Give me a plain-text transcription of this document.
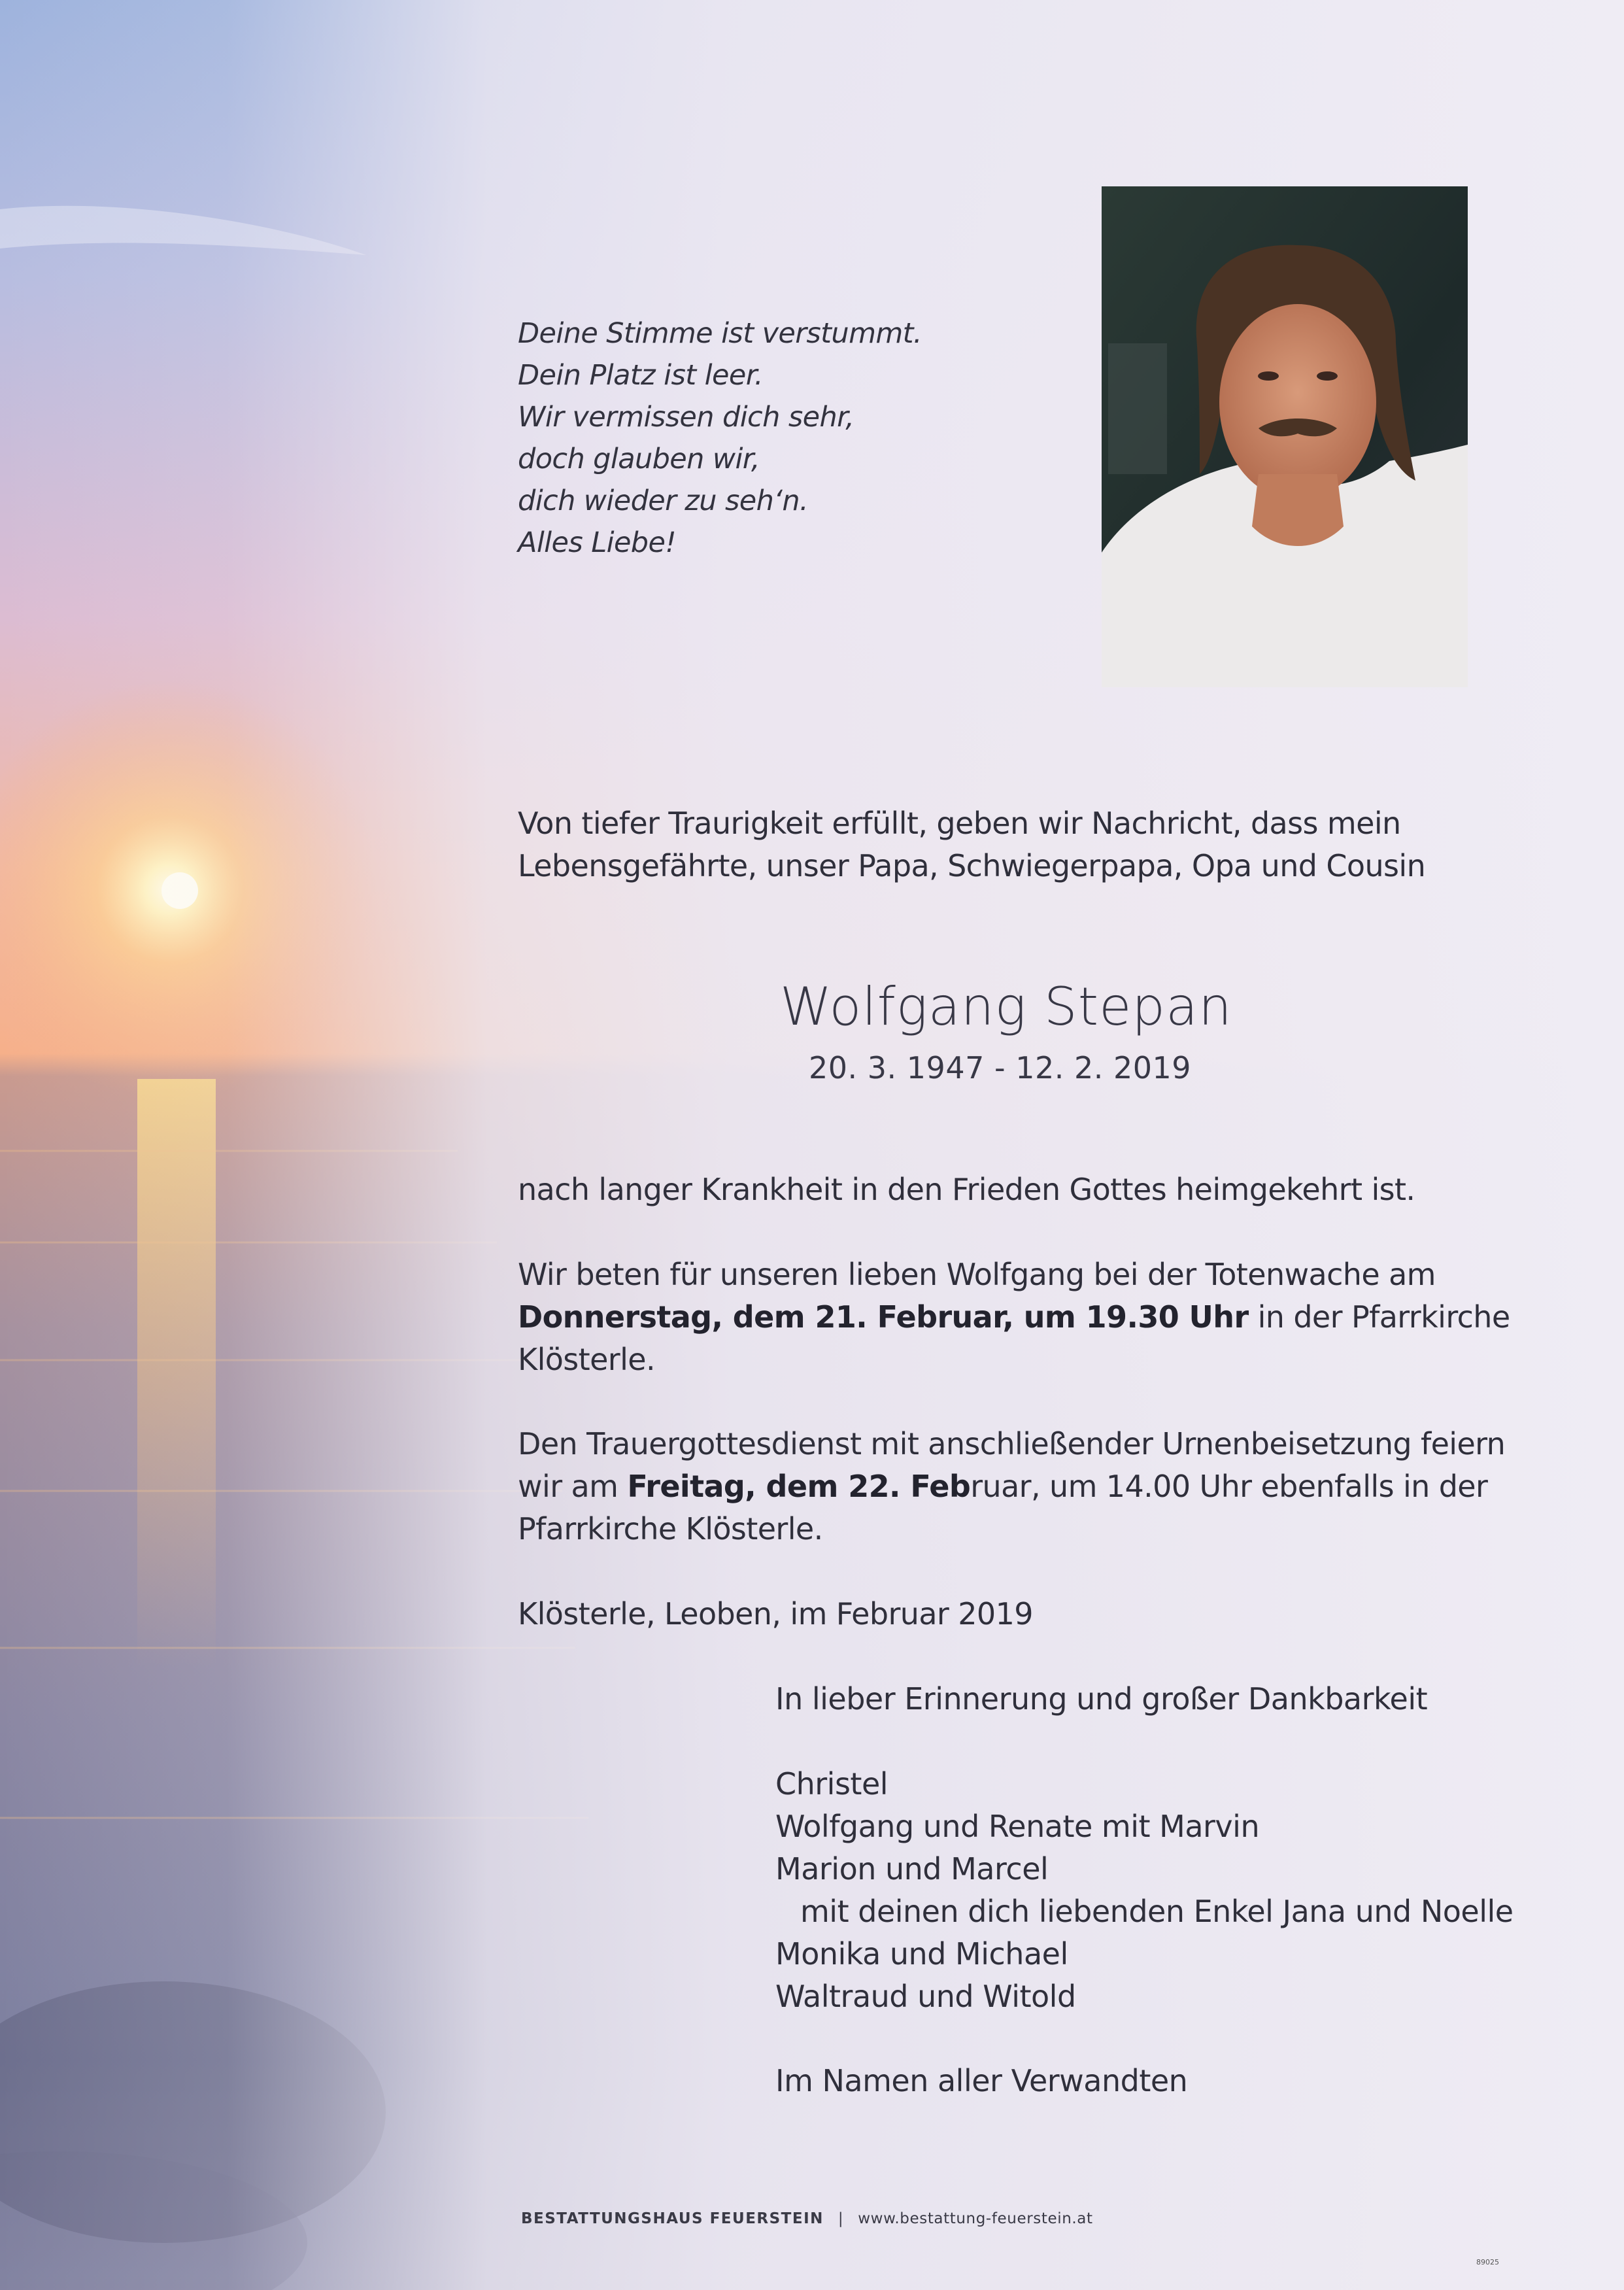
Deine Stimme ist verstummt.
Dein Platz ist leer.
Wir vermissen dich sehr,
doch glauben wir,
dich wieder zu seh‘n.
Alles Liebe!
Von tiefer Traurigkeit erfüllt, geben wir Nachricht, dass mein
Lebensgefährte, unser Papa, Schwiegerpapa, Opa und Cousin
Wolfgang Stepan
20. 3. 1947 - 12. 2. 2019
nach langer Krankheit in den Frieden Gottes heimgekehrt ist.
Wir beten für unseren lieben Wolfgang bei der Totenwache am
Donnerstag, dem 21. Februar, um 19.30 Uhr in der Pfarrkirche
Klösterle.
Den Trauergottesdienst mit anschließender Urnenbeisetzung feiern
wir am Freitag, dem 22. Februar, um 14.00 Uhr ebenfalls in der
Pfarrkirche Klösterle.
Klösterle, Leoben, im Februar 2019
In lieber Erinnerung und großer Dankbarkeit
Christel
Wolfgang und Renate mit Marvin
Marion und Marcel
mit deinen dich liebenden Enkel Jana und Noelle
Monika und Michael
Waltraud und Witold
Im Namen aller Verwandten
BESTATTUNGSHAUS FEUERSTEIN | www.bestattung-feuerstein.at
89025
